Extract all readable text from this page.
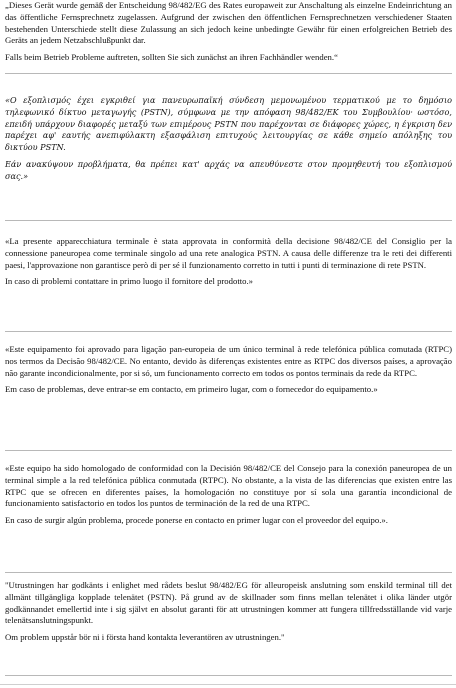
„Dieses Gerät wurde gemäß der Entscheidung 98/482/EG des Rates europaweit zur Anschaltung als einzelne Endeinrichtung an das öffentliche Fernsprechnetz zugelassen. Aufgrund der zwischen den öffentlichen Fernsprechnetzen verschiedener Staaten bestehenden Unterschiede stellt diese Zulassung an sich jedoch keine unbedingte Gewähr für einen erfolgreichen Betrieb des Geräts an jedem Netzabschlußpunkt dar.

Falls beim Betrieb Probleme auftreten, sollten Sie sich zunächst an ihren Fachhändler wenden.“

«Ο εξοπλισμός έχει εγκριθεί για πανευρωπαϊκή σύνδεση μεμονωμένου τερματικού με το δημόσιο τηλεφωνικό δίκτυο μεταγωγής (PSTN), σύμφωνα με την απόφαση 98/482/ΕΚ του Συμβουλίου· ωστόσο, επειδή υπάρχουν διαφορές μεταξύ των επιμέρους PSTN που παρέχονται σε διάφορες χώρες, η έγκριση δεν παρέχει αφ' εαυτής ανεπιφύλακτη εξασφάλιση επιτυχούς λειτουργίας σε κάθε σημείο απόληξης του δικτύου PSTN.

Εάν ανακύψουν προβλήματα, θα πρέπει κατ' αρχάς να απευθύνεστε στον προμηθευτή του εξοπλισμού σας.»

«La presente apparecchiatura terminale è stata approvata in conformità della decisione 98/482/CE del Consiglio per la connessione paneuropea come terminale singolo ad una rete analogica PSTN. A causa delle differenze tra le reti dei differenti paesi, l'approvazione non garantisce però di per sé il funzionamento corretto in tutti i punti di terminazione di rete PSTN.

In caso di problemi contattare in primo luogo il fornitore del prodotto.»

«Este equipamento foi aprovado para ligação pan-europeia de um único terminal à rede telefónica pública comutada (RTPC) nos termos da Decisão 98/482/CE. No entanto, devido às diferenças existentes entre as RTPC dos diversos países, a aprovação não garante incondicionalmente, por si só, um funcionamento correcto em todos os pontos terminais da rede da RTPC.

Em caso de problemas, deve entrar-se em contacto, em primeiro lugar, com o fornecedor do equipamento.»

«Este equipo ha sido homologado de conformidad con la Decisión 98/482/CE del Consejo para la conexión paneuropea de un terminal simple a la red telefónica pública conmutada (RTPC). No obstante, a la vista de las diferencias que existen entre las RTPC que se ofrecen en diferentes países, la homologación no constituye por sí sola una garantía incondicional de funcionamiento satisfactorio en todos los puntos de terminación de la red de una RTPC.

En caso de surgir algún problema, procede ponerse en contacto en primer lugar con el proveedor del equipo.».

"Utrustningen har godkänts i enlighet med rådets beslut 98/482/EG för alleuropeisk anslutning som enskild terminal till det allmänt tillgängliga kopplade telenätet (PSTN). På grund av de skillnader som finns mellan telenätet i olika länder utgör godkännandet emellertid inte i sig självt en absolut garanti för att utrustningen kommer att fungera tillfredsställande vid varje telenätsanslutningspunkt.

Om problem uppstår bör ni i första hand kontakta leverantören av utrustningen."
